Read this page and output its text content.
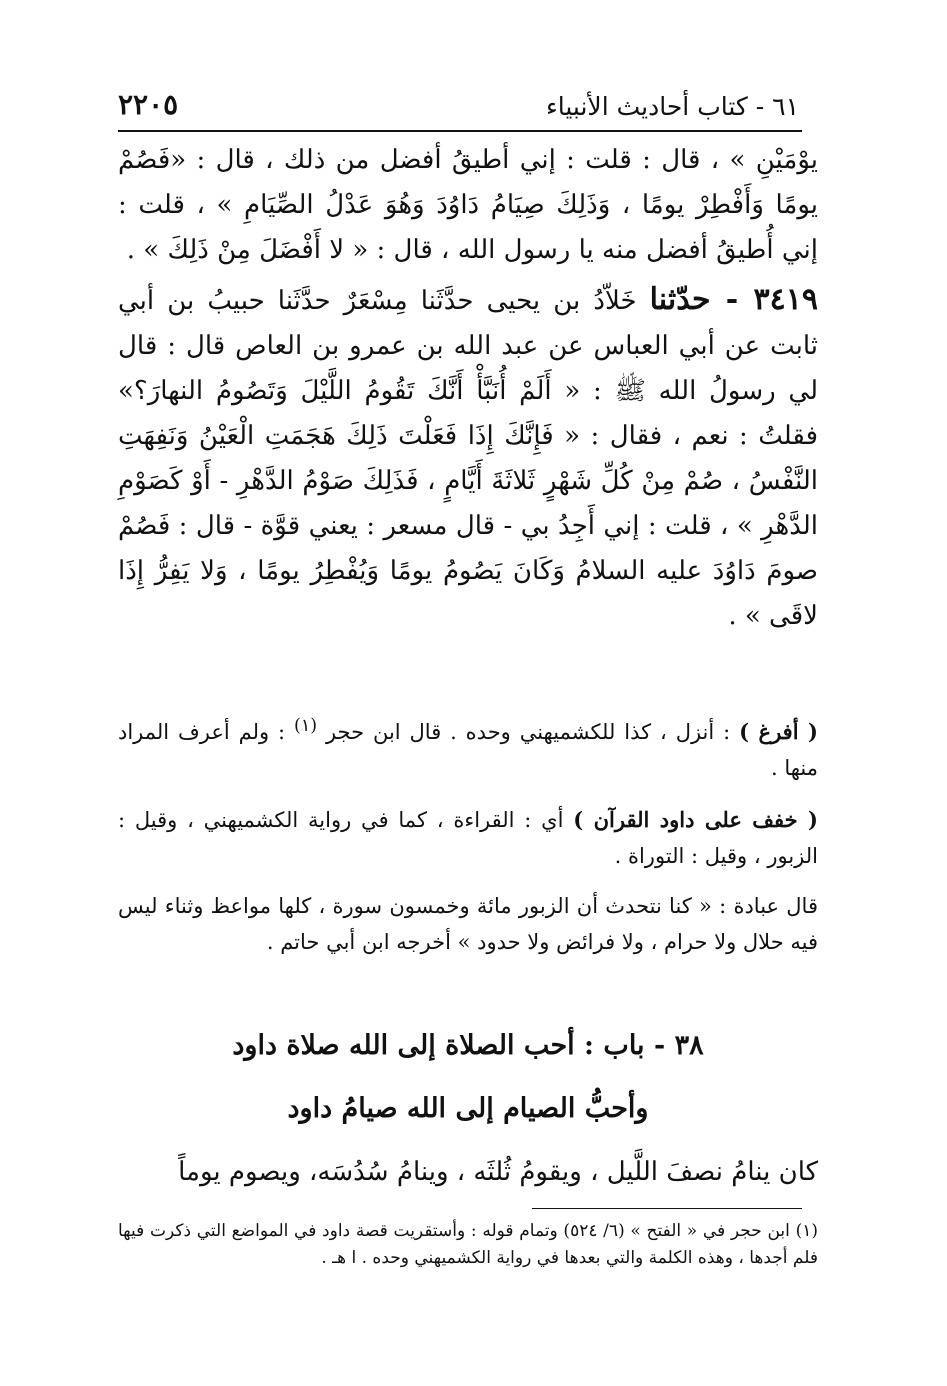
٦١ - كتاب أحاديث الأنبياء
٢٢٠٥

يوْمَيْنِ » ، قال : قلت : إني أطيقُ أفضل من ذلك ، قال : «فَصُمْ يومًا وَأَفْطِرْ يومًا ، وَذَلِكَ صِيَامُ دَاوُدَ وَهُوَ عَدْلُ الصِّيَامِ » ، قلت : إني أُطيقُ أفضل منه يا رسول الله ، قال : « لا أَفْضَلَ مِنْ ذَلِكَ » .

٣٤١٩ - حدّثنا خَلاّدُ بن يحيى حدَّثَنا مِسْعَرٌ حدَّثَنا حبيبُ بن أبي ثابت عن أبي العباس عن عبد الله بن عمرو بن العاص قال : قال لي رسولُ الله ﷺ : « أَلَمْ أُنَبَّأْ أَنَّكَ تَقُومُ اللَّيْلَ وَتَصُومُ النهارَ؟» فقلتُ : نعم ، فقال : « فَإِنَّكَ إِذَا فَعَلْتَ ذَلِكَ هَجَمَتِ الْعَيْنُ وَنَفِهَتِ النَّفْسُ ، صُمْ مِنْ كُلِّ شَهْرٍ ثَلاثَةَ أَيَّامٍ ، فَذَلِكَ صَوْمُ الدَّهْرِ - أَوْ كَصَوْمِ الدَّهْرِ » ، قلت : إني أَجِدُ بي - قال مسعر : يعني قوَّة - قال : فَصُمْ صومَ دَاوُدَ عليه السلامُ وَكَانَ يَصُومُ يومًا وَيُفْطِرُ يومًا ، وَلا يَفِرُّ إِذَا لاقَى » .

( أفرغ ) : أنزل ، كذا للكشميهني وحده . قال ابن حجر $^{(١)}$ : ولم أعرف المراد منها .

( خفف على داود القرآن ) أي : القراءة ، كما في رواية الكشميهني ، وقيل : الزبور ، وقيل : التوراة .

قال عبادة : « كنا نتحدث أن الزبور مائة وخمسون سورة ، كلها مواعظ وثناء ليس فيه حلال ولا حرام ، ولا فرائض ولا حدود » أخرجه ابن أبي حاتم .

٣٨ - باب : أحب الصلاة إلى الله صلاة داود
وأحبُّ الصيام إلى الله صيامُ داود

كان ينامُ نصفَ اللَّيل ، ويقومُ ثُلثَه ، وينامُ سُدُسَه، ويصوم يوماً

(١) ابن حجر في « الفتح » (٦/ ٥٢٤) وتمام قوله : وأستقريت قصة داود في المواضع التي ذكرت فيها فلم أجدها ، وهذه الكلمة والتي بعدها في رواية الكشميهني وحده . ا هـ .
